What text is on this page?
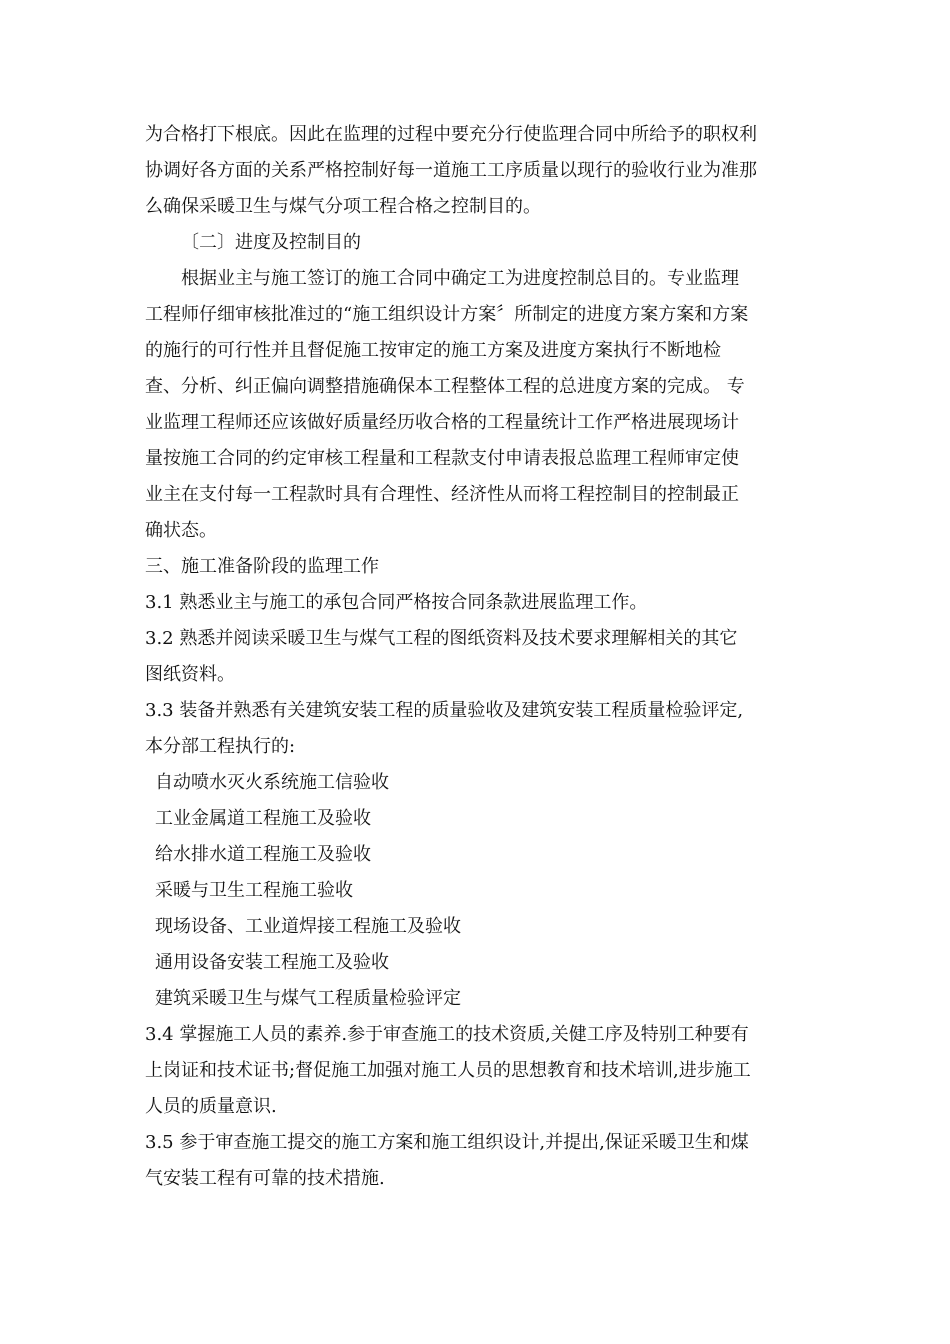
为合格打下根底。因此在监理的过程中要充分行使监理合同中所给予的职权利
协调好各方面的关系严格控制好每一道施工工序质量以现行的验收行业为准那
么确保采暖卫生与煤气分项工程合格之控制目的。
〔二〕进度及控制目的
根据业主与施工签订的施工合同中确定工为进度控制总目的。专业监理
工程师仔细审核批准过的“施工组织设计方案〞所制定的进度方案方案和方案
的施行的可行性并且督促施工按审定的施工方案及进度方案执行不断地检
查、分析、纠正偏向调整措施确保本工程整体工程的总进度方案的完成。 专
业监理工程师还应该做好质量经历收合格的工程量统计工作严格进展现场计
量按施工合同的约定审核工程量和工程款支付申请表报总监理工程师审定使
业主在支付每一工程款时具有合理性、经济性从而将工程控制目的控制最正
确状态。
三、施工准备阶段的监理工作
3.1 熟悉业主与施工的承包合同严格按合同条款进展监理工作。
3.2 熟悉并阅读采暖卫生与煤气工程的图纸资料及技术要求理解相关的其它
图纸资料。
3.3 装备并熟悉有关建筑安装工程的质量验收及建筑安装工程质量检验评定,
本分部工程执行的:
自动喷水灭火系统施工信验收
工业金属道工程施工及验收
给水排水道工程施工及验收
采暖与卫生工程施工验收
现场设备、工业道焊接工程施工及验收
通用设备安装工程施工及验收
建筑采暖卫生与煤气工程质量检验评定
3.4 掌握施工人员的素养.参于审查施工的技术资质,关健工序及特别工种要有
上岗证和技术证书;督促施工加强对施工人员的思想教育和技术培训,进步施工
人员的质量意识.
3.5 参于审查施工提交的施工方案和施工组织设计,并提出,保证采暖卫生和煤
气安装工程有可靠的技术措施.
